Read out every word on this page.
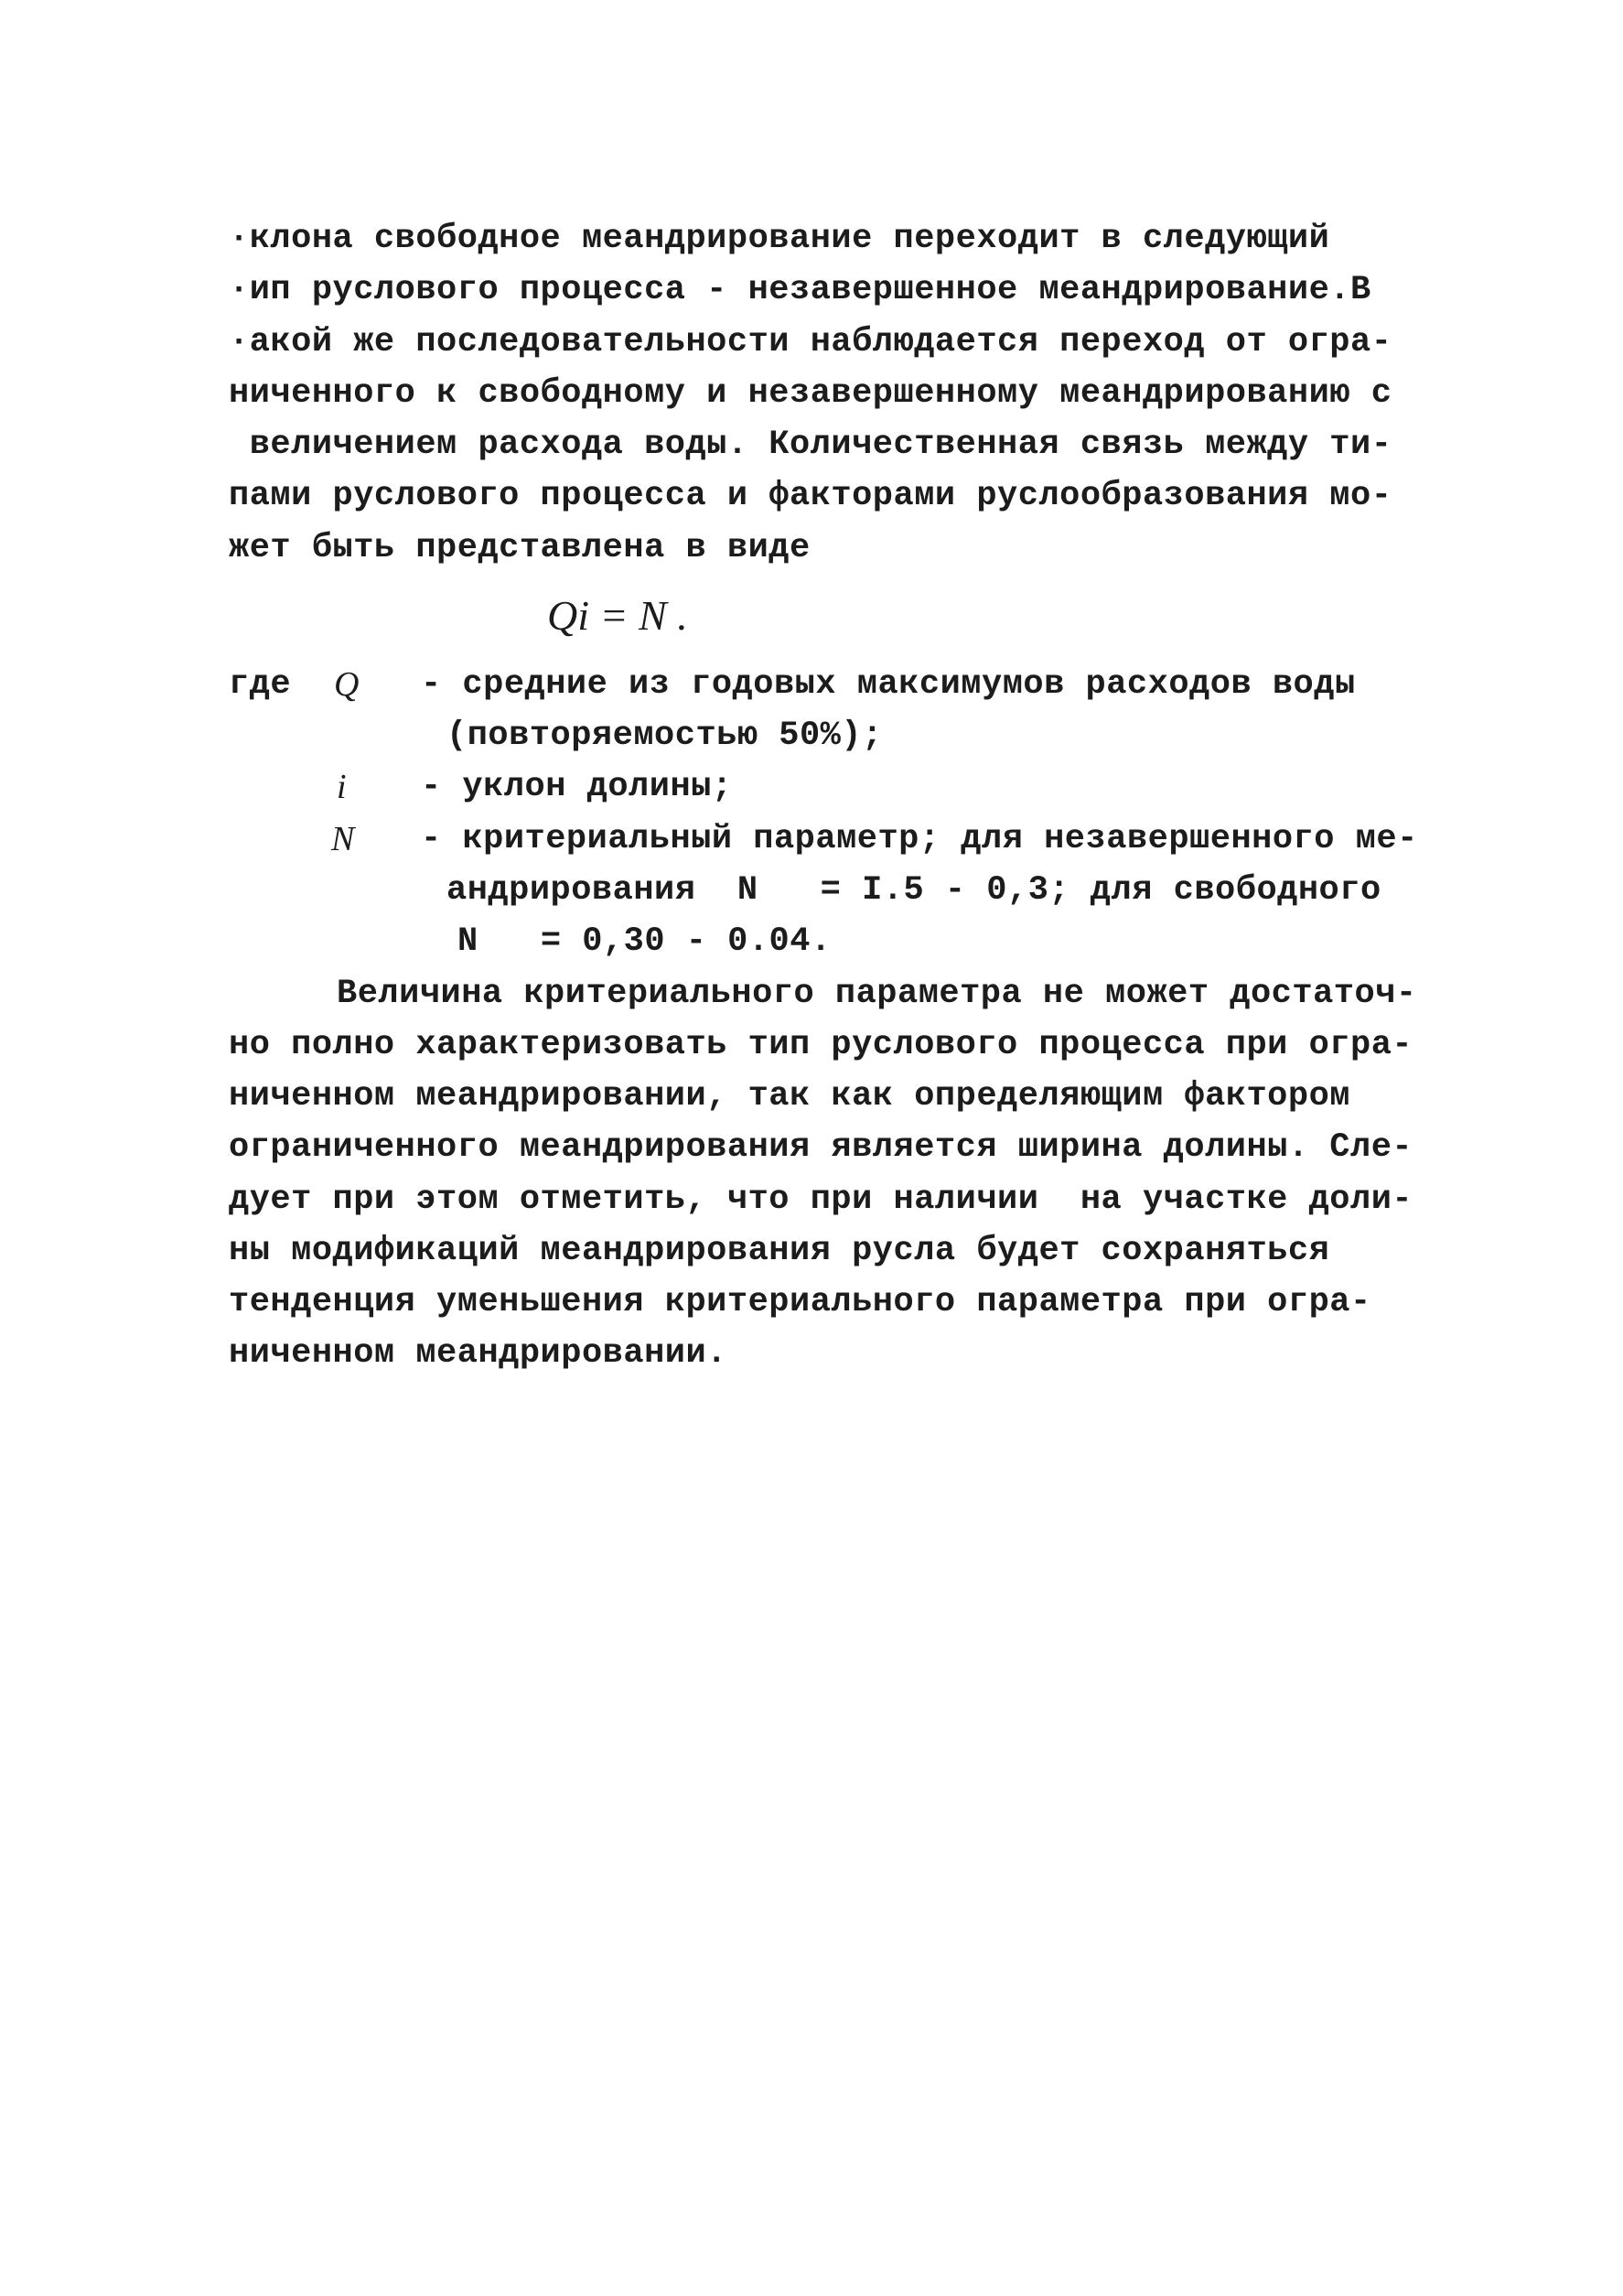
·клона свободное меандрирование переходит в следующий
·ип руслового процесса - незавершенное меандрирование.В
·акой же последовательности наблюдается переход от огра-
ниченного к свободному и незавершенному меандрированию с
величением расхода воды. Количественная связь между ти-
пами руслового процесса и факторами руслообразования мо-
жет быть представлена в виде
Qi = N .
где Q - средние из годовых максимумов расходов воды
(повторяемостью 50%);
i - уклон долины;
N - критериальный параметр; для незавершенного ме-
андрирования  N   = I.5 - 0,3; для свободного
N   = 0,30 - 0.04.
Величина критериального параметра не может достаточ-
но полно характеризовать тип руслового процесса при огра-
ниченном меандрировании, так как определяющим фактором
ограниченного меандрирования является ширина долины. Сле-
дует при этом отметить, что при наличии  на участке доли-
ны модификаций меандрирования русла будет сохраняться
тенденция уменьшения критериального параметра при огра-
ниченном меандрировании.
